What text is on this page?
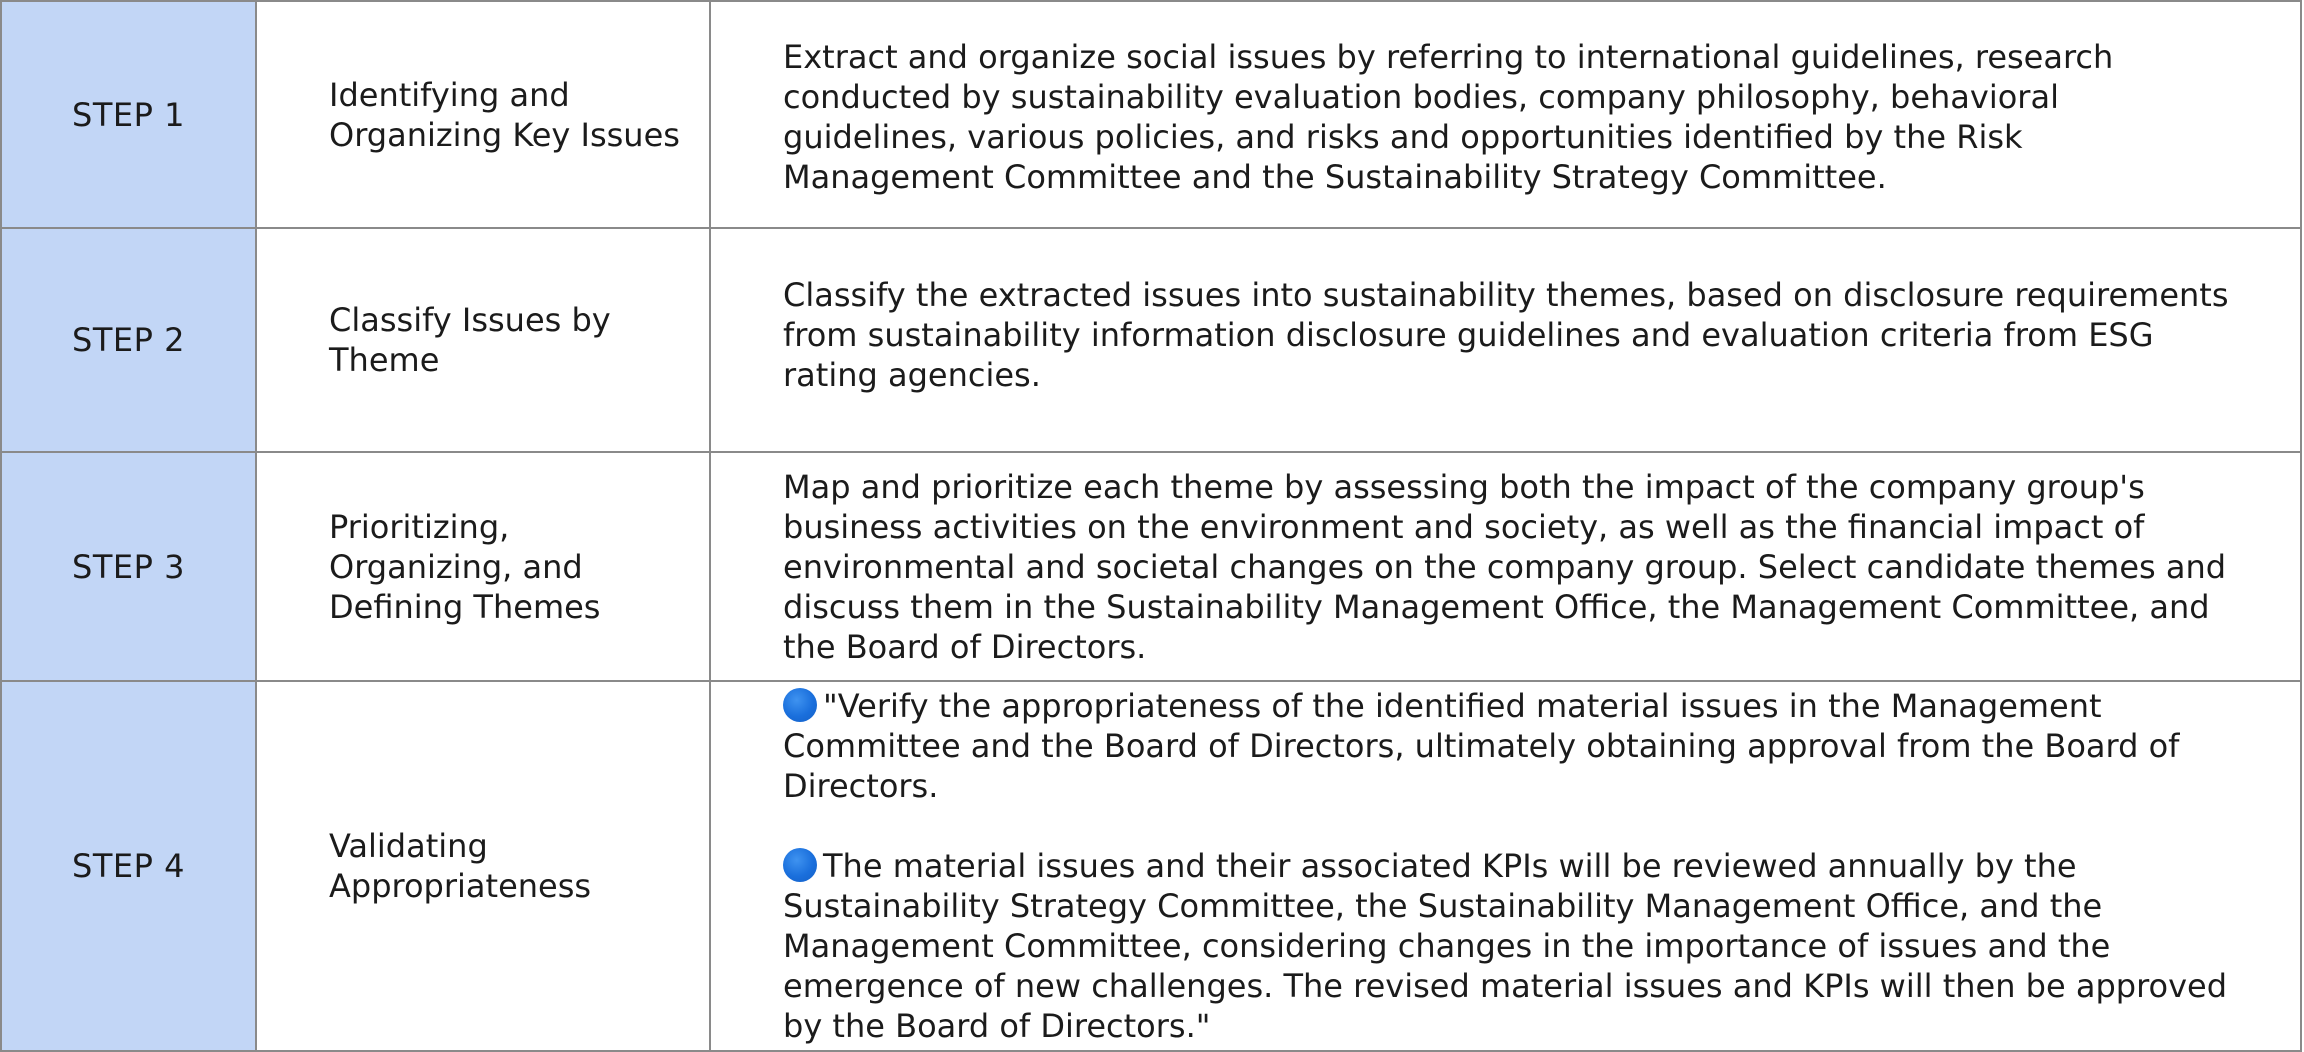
STEP 1	Identifying and Organizing Key Issues	Extract and organize social issues by referring to international guidelines, research conducted by sustainability evaluation bodies, company philosophy, behavioral guidelines, various policies, and risks and opportunities identified by the Risk Management Committee and the Sustainability Strategy Committee.

STEP 2	Classify Issues by Theme	Classify the extracted issues into sustainability themes, based on disclosure requirements from sustainability information disclosure guidelines and evaluation criteria from ESG rating agencies.

STEP 3	Prioritizing, Organizing, and Defining Themes	Map and prioritize each theme by assessing both the impact of the company group's business activities on the environment and society, as well as the financial impact of environmental and societal changes on the company group. Select candidate themes and discuss them in the Sustainability Management Office, the Management Committee, and the Board of Directors.

STEP 4	Validating Appropriateness	"Verify the appropriateness of the identified material issues in the Management Committee and the Board of Directors, ultimately obtaining approval from the Board of Directors.
The material issues and their associated KPIs will be reviewed annually by the Sustainability Strategy Committee, the Sustainability Management Office, and the Management Committee, considering changes in the importance of issues and the emergence of new challenges. The revised material issues and KPIs will then be approved by the Board of Directors."
